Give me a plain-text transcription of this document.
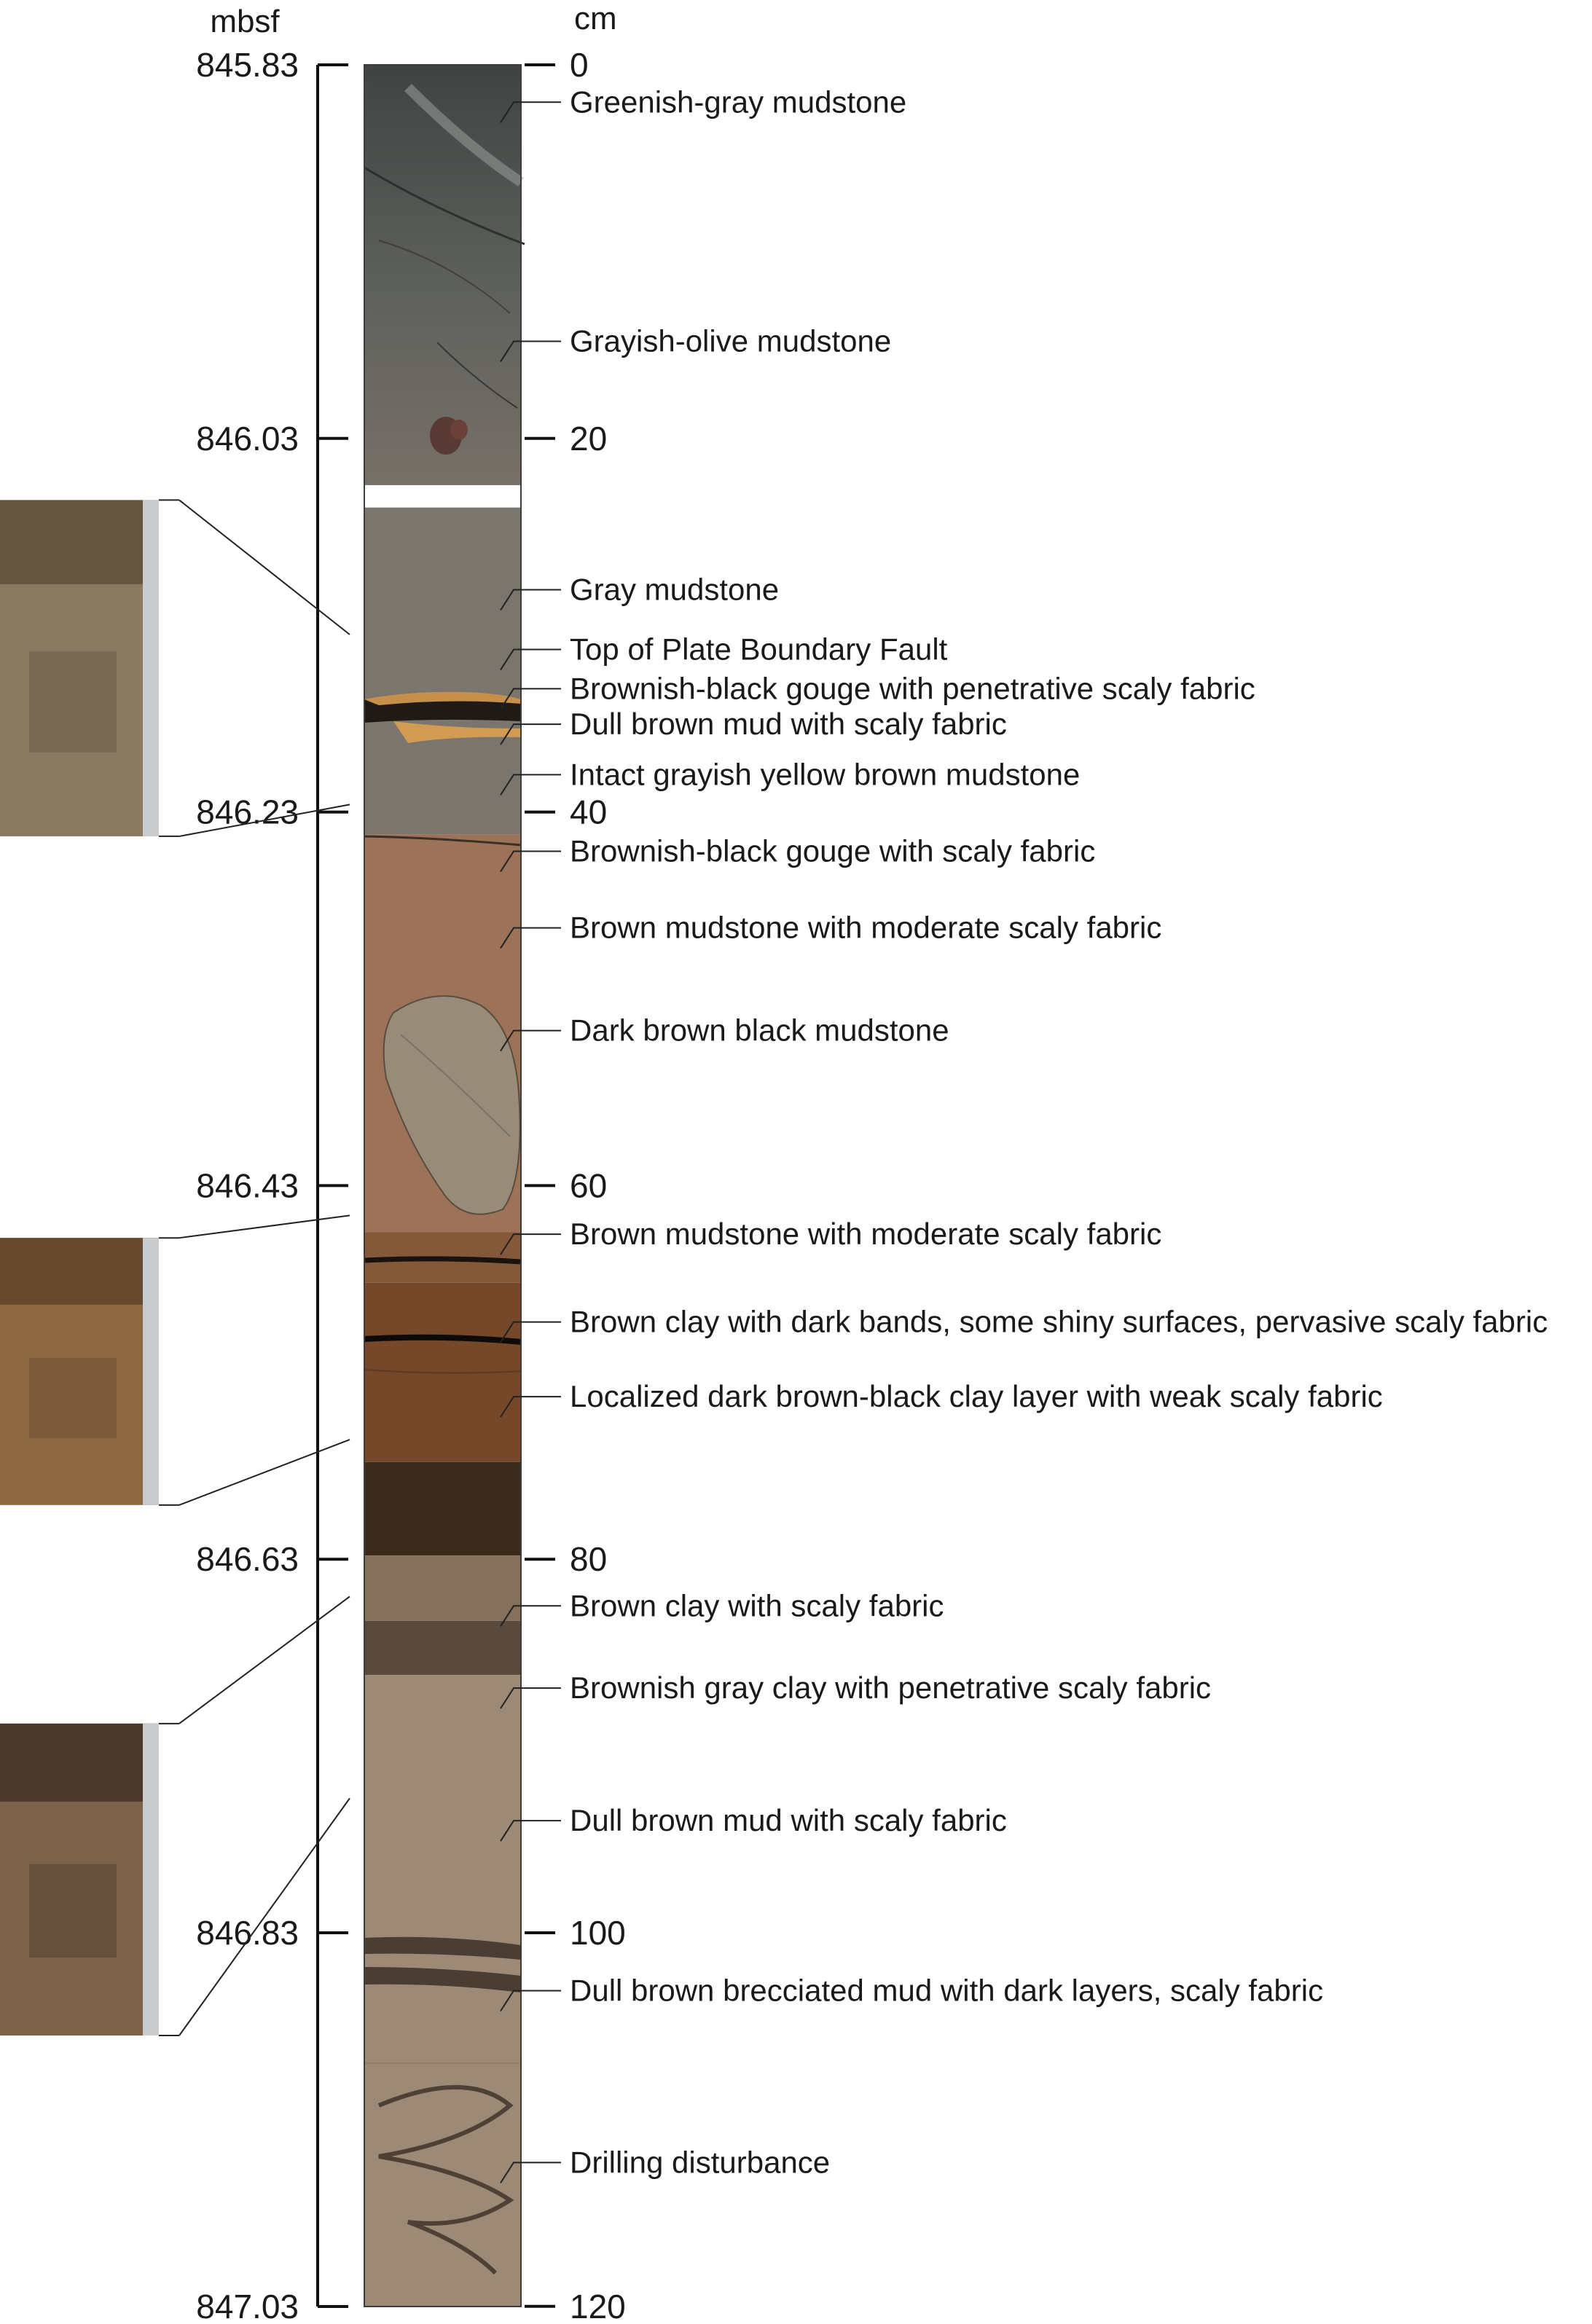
mbsf	cm
845.83
846.03
846.23
846.43
846.63
846.83
847.03
0
20
40
60
80
100
120
Greenish-gray mudstone
Grayish-olive mudstone
Gray mudstone
Top of Plate Boundary Fault
Brownish-black gouge with penetrative scaly fabric
Dull brown mud with scaly fabric
Intact grayish yellow brown mudstone
Brownish-black gouge with scaly fabric
Brown mudstone with moderate scaly fabric
Dark brown black mudstone
Brown mudstone with moderate scaly fabric
Brown clay with dark bands, some shiny surfaces, pervasive scaly fabric
Localized dark brown-black clay layer with weak scaly fabric
Brown clay with scaly fabric
Brownish gray clay with penetrative scaly fabric
Dull brown mud with scaly fabric
Dull brown brecciated mud with dark layers, scaly fabric
Drilling disturbance
